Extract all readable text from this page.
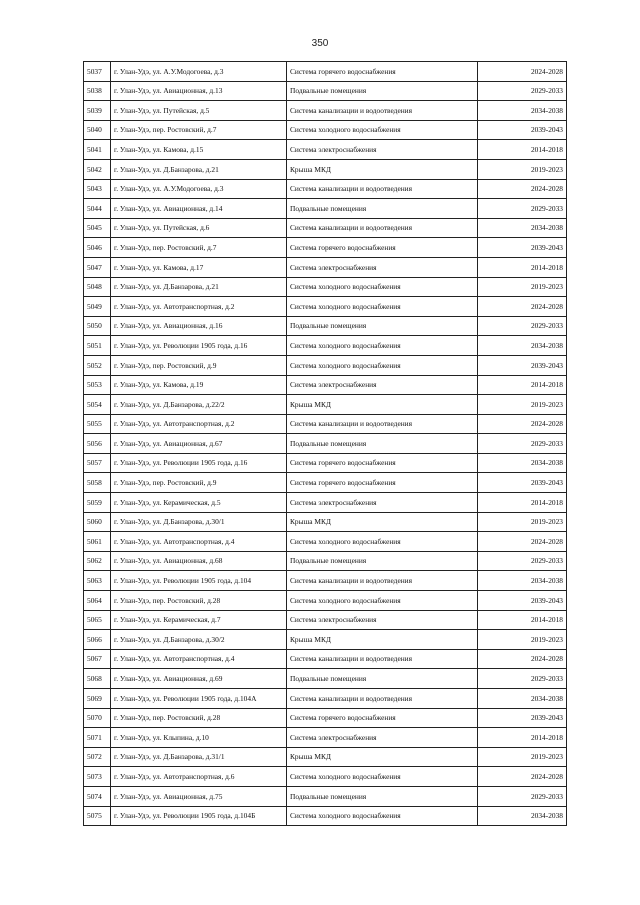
350
5037	г. Улан-Удэ, ул. А.У.Модогоева, д.3	Система горячего водоснабжения	2024-2028
5038	г. Улан-Удэ, ул. Авиационная, д.13	Подвальные помещения	2029-2033
5039	г. Улан-Удэ, ул. Путейская, д.5	Система канализации и водоотведения	2034-2038
5040	г. Улан-Удэ, пер. Ростовский, д.7	Система холодного водоснабжения	2039-2043
5041	г. Улан-Удэ, ул. Камова, д.15	Система электроснабжения	2014-2018
5042	г. Улан-Удэ, ул. Д.Банзарова, д.21	Крыша МКД	2019-2023
5043	г. Улан-Удэ, ул. А.У.Модогоева, д.3	Система канализации и водоотведения	2024-2028
5044	г. Улан-Удэ, ул. Авиационная, д.14	Подвальные помещения	2029-2033
5045	г. Улан-Удэ, ул. Путейская, д.6	Система канализации и водоотведения	2034-2038
5046	г. Улан-Удэ, пер. Ростовский, д.7	Система горячего водоснабжения	2039-2043
5047	г. Улан-Удэ, ул. Камова, д.17	Система электроснабжения	2014-2018
5048	г. Улан-Удэ, ул. Д.Банзарова, д.21	Система холодного водоснабжения	2019-2023
5049	г. Улан-Удэ, ул. Автотранспортная, д.2	Система холодного водоснабжения	2024-2028
5050	г. Улан-Удэ, ул. Авиационная, д.16	Подвальные помещения	2029-2033
5051	г. Улан-Удэ, ул. Революции 1905 года, д.16	Система холодного водоснабжения	2034-2038
5052	г. Улан-Удэ, пер. Ростовский, д.9	Система холодного водоснабжения	2039-2043
5053	г. Улан-Удэ, ул. Камова, д.19	Система электроснабжения	2014-2018
5054	г. Улан-Удэ, ул. Д.Банзарова, д.22/2	Крыша МКД	2019-2023
5055	г. Улан-Удэ, ул. Автотранспортная, д.2	Система канализации и водоотведения	2024-2028
5056	г. Улан-Удэ, ул. Авиационная, д.67	Подвальные помещения	2029-2033
5057	г. Улан-Удэ, ул. Революции 1905 года, д.16	Система горячего водоснабжения	2034-2038
5058	г. Улан-Удэ, пер. Ростовский, д.9	Система горячего водоснабжения	2039-2043
5059	г. Улан-Удэ, ул. Керамическая, д.5	Система электроснабжения	2014-2018
5060	г. Улан-Удэ, ул. Д.Банзарова, д.30/1	Крыша МКД	2019-2023
5061	г. Улан-Удэ, ул. Автотранспортная, д.4	Система холодного водоснабжения	2024-2028
5062	г. Улан-Удэ, ул. Авиационная, д.68	Подвальные помещения	2029-2033
5063	г. Улан-Удэ, ул. Революции 1905 года, д.104	Система канализации и водоотведения	2034-2038
5064	г. Улан-Удэ, пер. Ростовский, д.28	Система холодного водоснабжения	2039-2043
5065	г. Улан-Удэ, ул. Керамическая, д.7	Система электроснабжения	2014-2018
5066	г. Улан-Удэ, ул. Д.Банзарова, д.30/2	Крыша МКД	2019-2023
5067	г. Улан-Удэ, ул. Автотранспортная, д.4	Система канализации и водоотведения	2024-2028
5068	г. Улан-Удэ, ул. Авиационная, д.69	Подвальные помещения	2029-2033
5069	г. Улан-Удэ, ул. Революции 1905 года, д.104А	Система канализации и водоотведения	2034-2038
5070	г. Улан-Удэ, пер. Ростовский, д.28	Система горячего водоснабжения	2039-2043
5071	г. Улан-Удэ, ул. Клыпина, д.10	Система электроснабжения	2014-2018
5072	г. Улан-Удэ, ул. Д.Банзарова, д.31/1	Крыша МКД	2019-2023
5073	г. Улан-Удэ, ул. Автотранспортная, д.6	Система холодного водоснабжения	2024-2028
5074	г. Улан-Удэ, ул. Авиационная, д.75	Подвальные помещения	2029-2033
5075	г. Улан-Удэ, ул. Революции 1905 года, д.104Б	Система холодного водоснабжения	2034-2038
